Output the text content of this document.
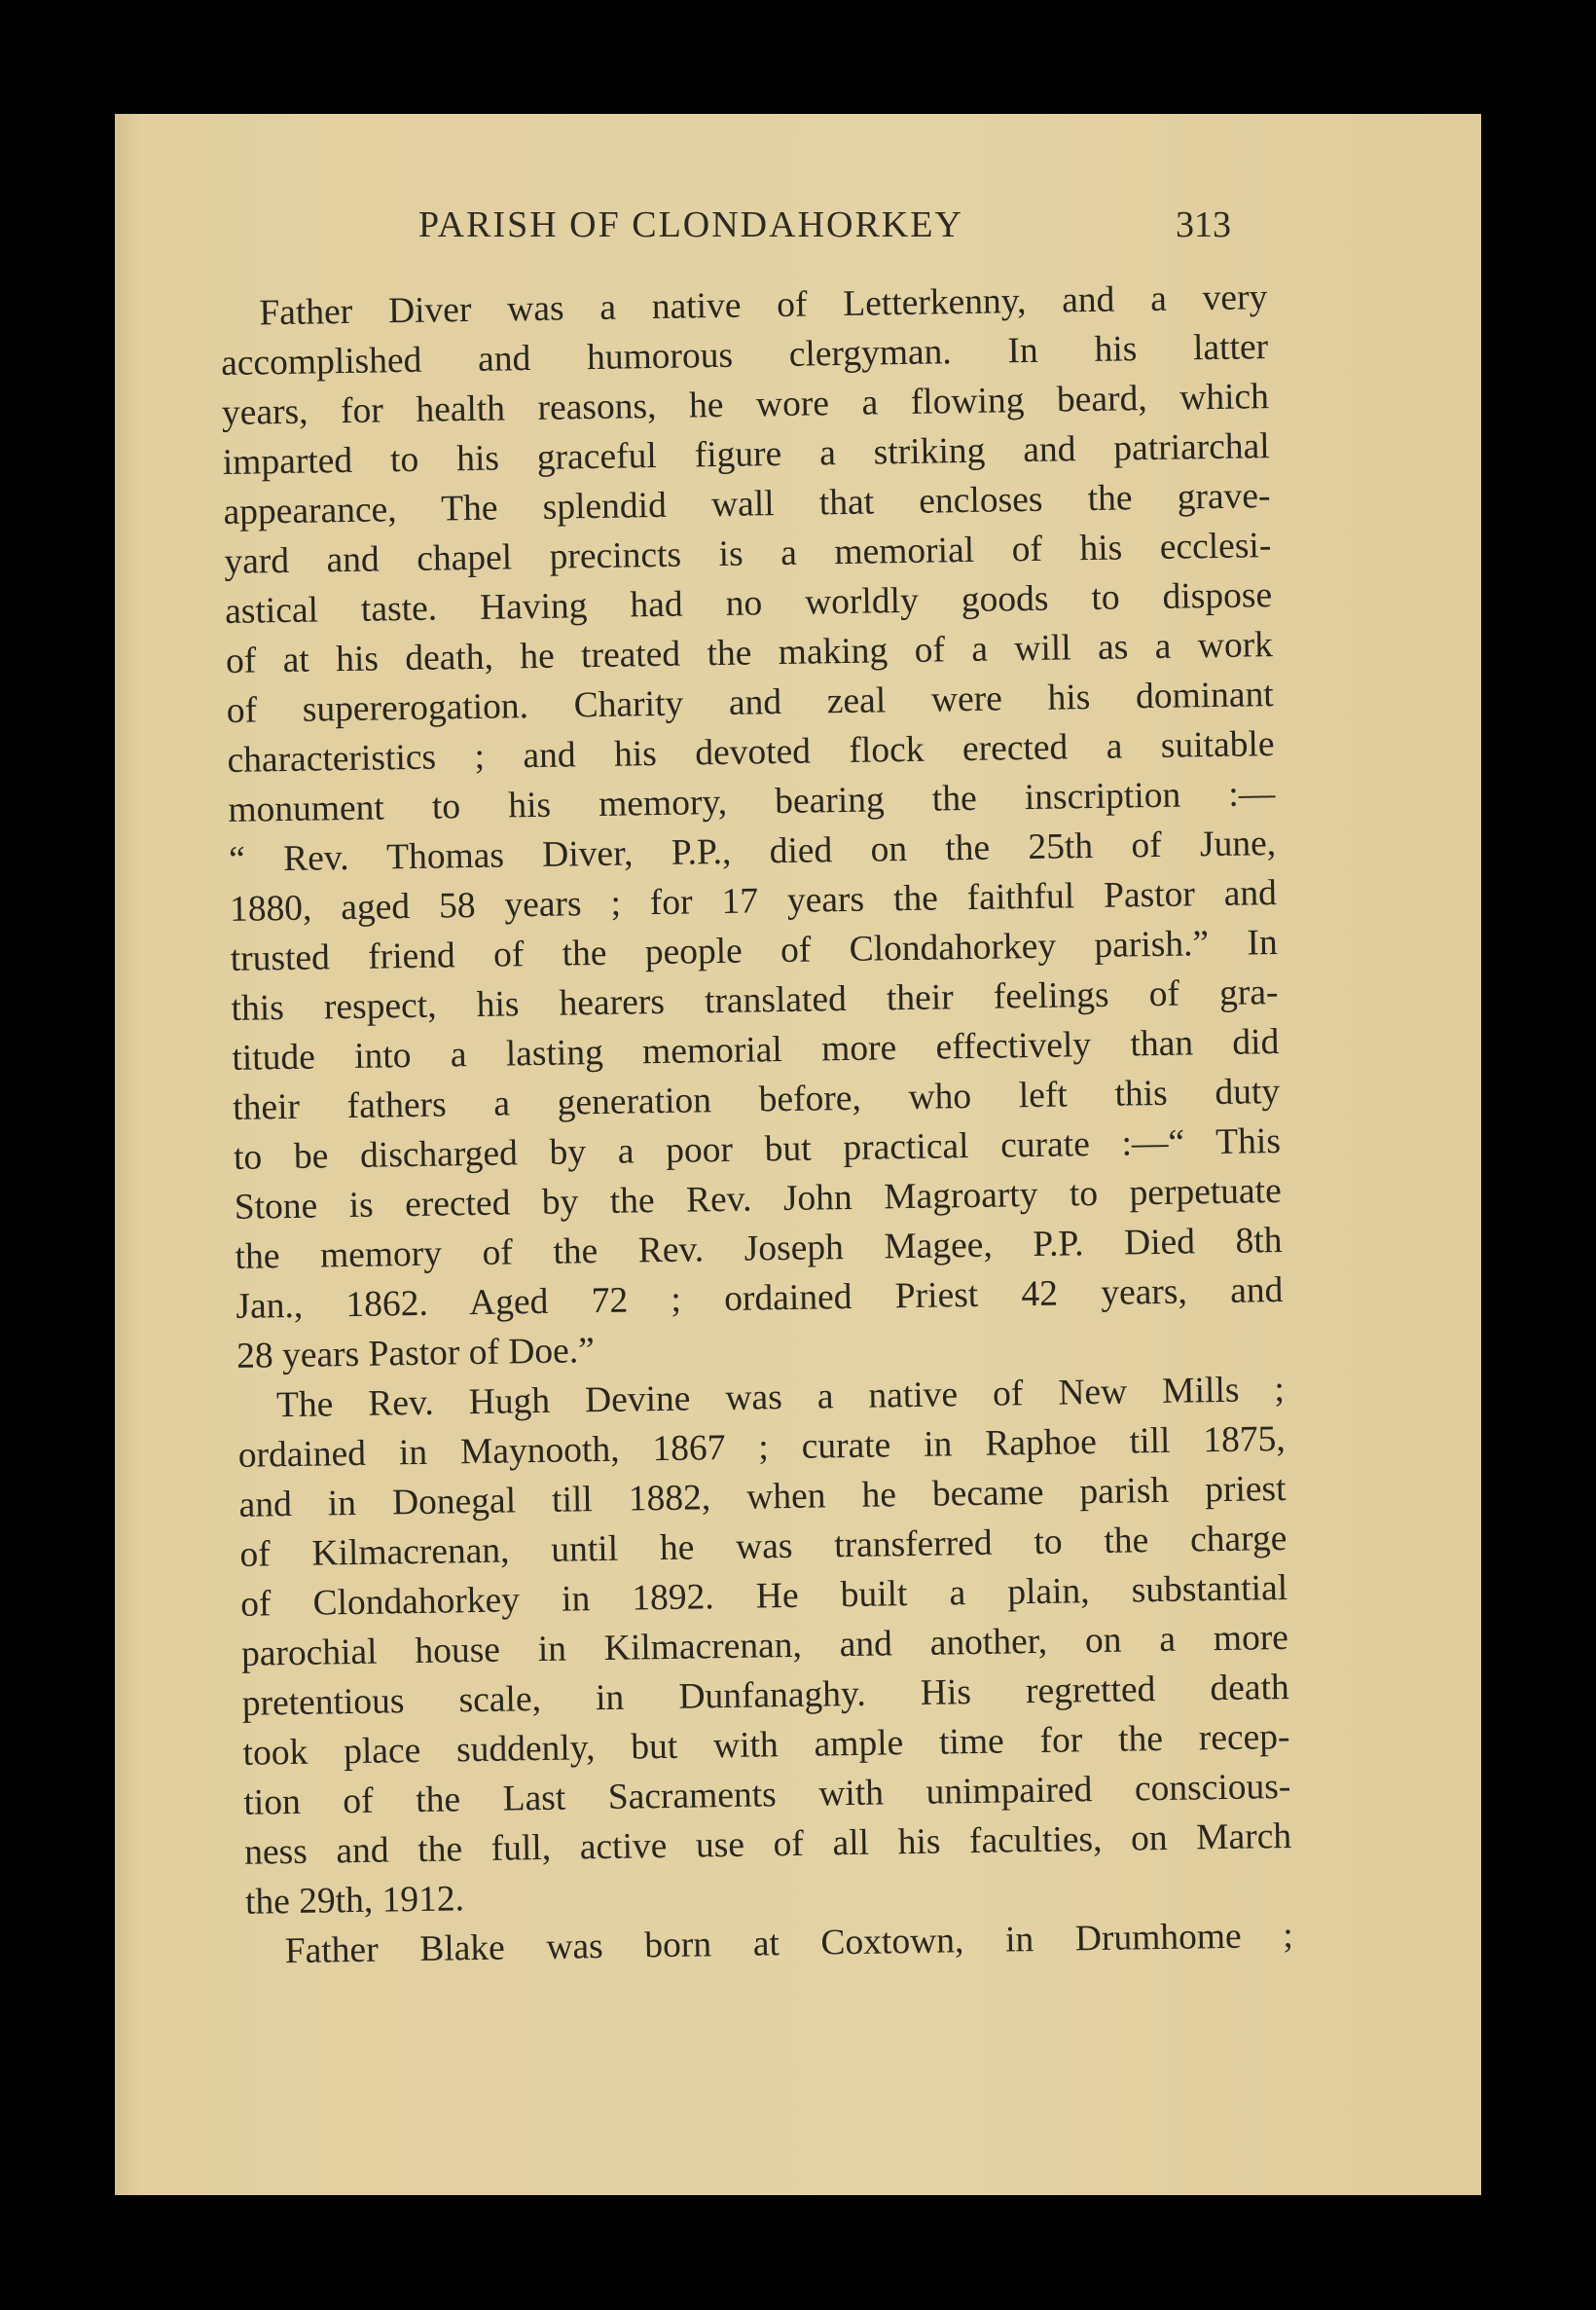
PARISH OF CLONDAHORKEY	313
Father Diver was a native of Letterkenny, and a very
accomplished and humorous clergyman. In his latter
years, for health reasons, he wore a flowing beard, which
imparted to his graceful figure a striking and patriarchal
appearance, The splendid wall that encloses the grave-
yard and chapel precincts is a memorial of his ecclesi-
astical taste. Having had no worldly goods to dispose
of at his death, he treated the making of a will as a work
of supererogation. Charity and zeal were his dominant
characteristics ; and his devoted flock erected a suitable
monument to his memory, bearing the inscription :—
“ Rev. Thomas Diver, P.P., died on the 25th of June,
1880, aged 58 years ; for 17 years the faithful Pastor and
trusted friend of the people of Clondahorkey parish.” In
this respect, his hearers translated their feelings of gra-
titude into a lasting memorial more effectively than did
their fathers a generation before, who left this duty
to be discharged by a poor but practical curate :—“ This
Stone is erected by the Rev. John Magroarty to perpetuate
the memory of the Rev. Joseph Magee, P.P. Died 8th
Jan., 1862. Aged 72 ; ordained Priest 42 years, and
28 years Pastor of Doe.”
The Rev. Hugh Devine was a native of New Mills ;
ordained in Maynooth, 1867 ; curate in Raphoe till 1875,
and in Donegal till 1882, when he became parish priest
of Kilmacrenan, until he was transferred to the charge
of Clondahorkey in 1892. He built a plain, substantial
parochial house in Kilmacrenan, and another, on a more
pretentious scale, in Dunfanaghy. His regretted death
took place suddenly, but with ample time for the recep-
tion of the Last Sacraments with unimpaired conscious-
ness and the full, active use of all his faculties, on March
the 29th, 1912.
Father Blake was born at Coxtown, in Drumhome ;
